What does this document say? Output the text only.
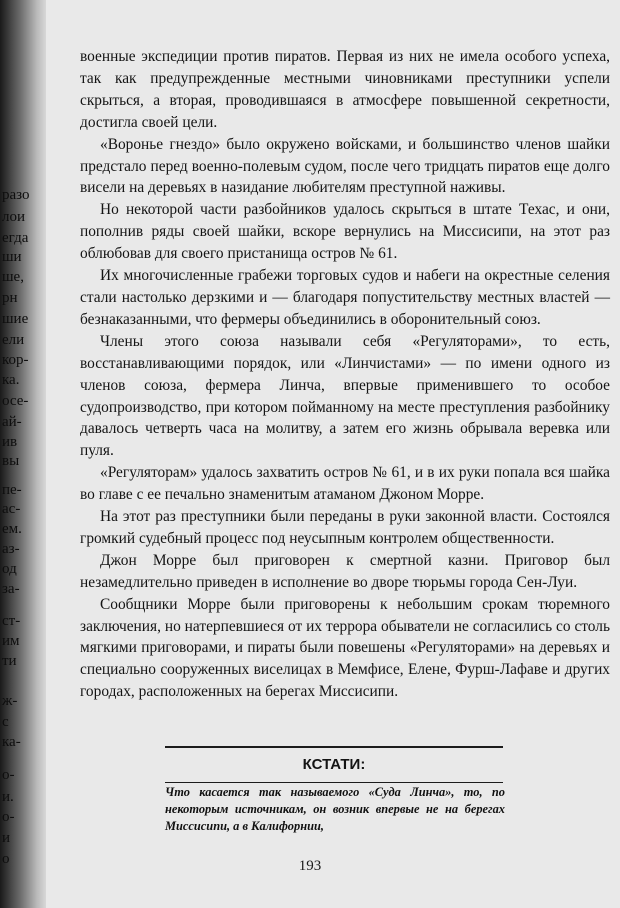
разо
лои
егда
ши
ше,
рн
шие
ели
кор-
ка.
осе-
ай-
ив
вы
пе-
ас-
ем.
аз-
од
за-
ст-
им
ти
ж-
с
ка-
о-
и.
о-
и
о

военные экспедиции против пиратов. Первая из них не имела особого успеха, так как предупрежденные местными чиновниками преступники успели скрыться, а вторая, проводившаяся в атмосфере повышенной секретности, достигла своей цели.

«Вороньe гнездо» было окружено войсками, и большинство членов шайки предстало перед военно-полевым судом, после чего тридцать пиратов еще долго висели на деревьях в назидание любителям преступной наживы.

Но некоторой части разбойников удалось скрыться в штате Техас, и они, пополнив ряды своей шайки, вскоре вернулись на Миссисипи, на этот раз облюбовав для своего пристанища остров № 61.

Их многочисленные грабежи торговых судов и набеги на окрестные селения стали настолько дерзкими и — благодаря попустительству местных властей — безнаказанными, что фермеры объединились в оборонительный союз.

Члены этого союза называли себя «Регуляторами», то есть, восстанавливающими порядок, или «Линчистами» — по имени одного из членов союза, фермера Линча, впервые применившего то особое судопроизводство, при котором пойманному на месте преступления разбойнику давалось четверть часа на молитву, а затем его жизнь обрывала веревка или пуля.

«Регуляторам» удалось захватить остров № 61, и в их руки попала вся шайка во главе с ее печально знаменитым атаманом Джоном Морре.

На этот раз преступники были переданы в руки законной власти. Состоялся громкий судебный процесс под неусыпным контролем общественности.

Джон Морре был приговорен к смертной казни. Приговор был незамедлительно приведен в исполнение во дворе тюрьмы города Сен-Луи.

Сообщники Морре были приговорены к небольшим срокам тюремного заключения, но натерпевшиеся от их террора обыватели не согласились со столь мягкими приговорами, и пираты были повешены «Регуляторами» на деревьях и специально сооруженных виселицах в Мемфисе, Елене, Фурш-Лафаве и других городах, расположенных на берегах Миссисипи.

КСТАТИ:
Что касается так называемого «Суда Линча», то, по некоторым источникам, он возник впервые не на берегах Миссисипи, а в Калифорнии,
193
